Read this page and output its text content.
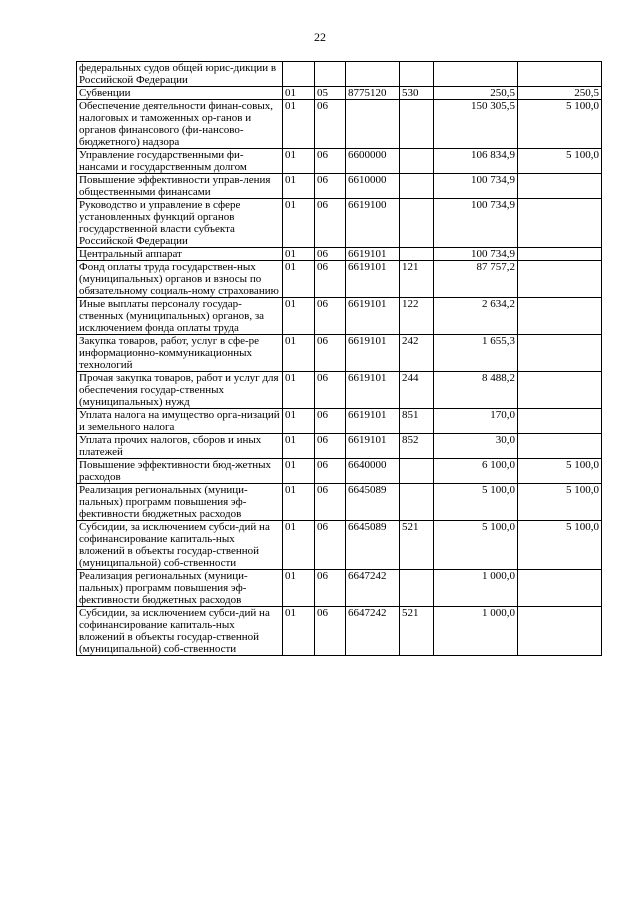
22
федеральных судов общей юрис-дикции в Российской Федерации						
Субвенции	01	05	8775120	530	250,5	250,5
Обеспечение деятельности финан-совых, налоговых и таможенных ор-ганов и органов финансового (фи-нансово-бюджетного) надзора	01	06			150 305,5	5 100,0
Управление государственными фи-нансами и государственным долгом	01	06	6600000		106 834,9	5 100,0
Повышение эффективности управ-ления общественными финансами	01	06	6610000		100 734,9	
Руководство и управление в сфере установленных функций органов государственной власти субъекта Российской Федерации	01	06	6619100		100 734,9	
Центральный аппарат	01	06	6619101		100 734,9	
Фонд оплаты труда государствен-ных (муниципальных) органов и взносы по обязательному социаль-ному страхованию	01	06	6619101	121	87 757,2	
Иные выплаты персоналу государ-ственных (муниципальных) органов, за исключением фонда оплаты труда	01	06	6619101	122	2 634,2	
Закупка товаров, работ, услуг в сфе-ре информационно-коммуникационных технологий	01	06	6619101	242	1 655,3	
Прочая закупка товаров, работ и услуг для обеспечения государ-ственных (муниципальных) нужд	01	06	6619101	244	8 488,2	
Уплата налога на имущество орга-низаций и земельного налога	01	06	6619101	851	170,0	
Уплата прочих налогов, сборов и иных платежей	01	06	6619101	852	30,0	
Повышение эффективности бюд-жетных расходов	01	06	6640000		6 100,0	5 100,0
Реализация региональных (муници-пальных) программ повышения эф-фективности бюджетных расходов	01	06	6645089		5 100,0	5 100,0
Субсидии, за исключением субси-дий на софинансирование капиталь-ных вложений в объекты государ-ственной (муниципальной) соб-ственности	01	06	6645089	521	5 100,0	5 100,0
Реализация региональных (муници-пальных) программ повышения эф-фективности бюджетных расходов	01	06	6647242		1 000,0	
Субсидии, за исключением субси-дий на софинансирование капиталь-ных вложений в объекты государ-ственной (муниципальной) соб-ственности	01	06	6647242	521	1 000,0	
